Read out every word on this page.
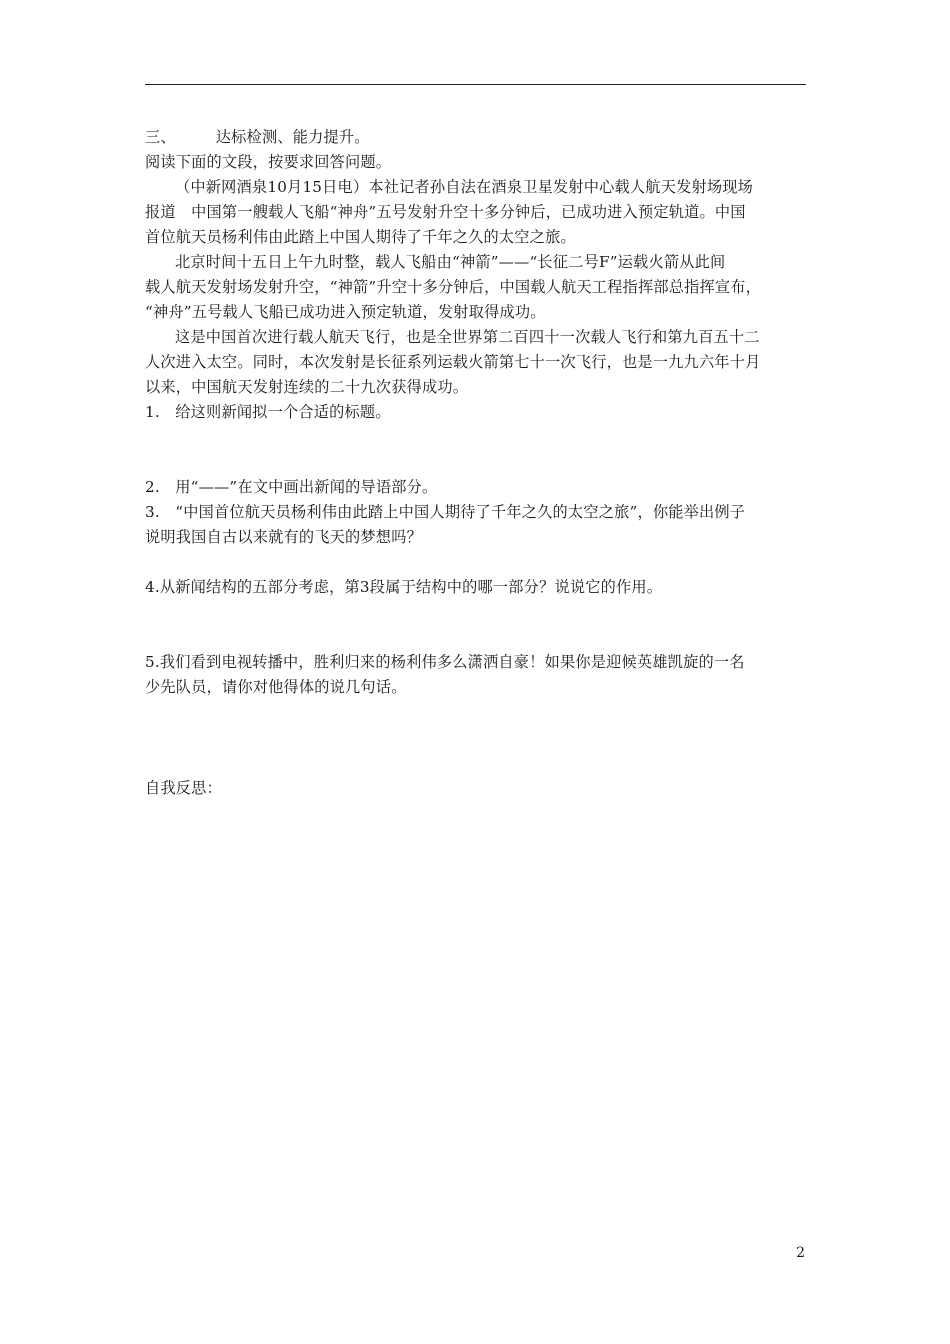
三、	达标检测、能力提升。
阅读下面的文段，按要求回答问题。
（中新网酒泉10月15日电）本社记者孙自法在酒泉卫星发射中心载人航天发射场现场
报道　中国第一艘载人飞船“神舟”五号发射升空十多分钟后，已成功进入预定轨道。中国
首位航天员杨利伟由此踏上中国人期待了千年之久的太空之旅。
北京时间十五日上午九时整，载人飞船由“神箭”——“长征二号F”运载火箭从此间
载人航天发射场发射升空，“神箭”升空十多分钟后，中国载人航天工程指挥部总指挥宣布，
“神舟”五号载人飞船已成功进入预定轨道，发射取得成功。
这是中国首次进行载人航天飞行，也是全世界第二百四十一次载人飞行和第九百五十二
人次进入太空。同时，本次发射是长征系列运载火箭第七十一次飞行，也是一九九六年十月
以来，中国航天发射连续的二十九次获得成功。
1.　给这则新闻拟一个合适的标题。
2.　用“——”在文中画出新闻的导语部分。
3.　“中国首位航天员杨利伟由此踏上中国人期待了千年之久的太空之旅”，你能举出例子
说明我国自古以来就有的飞天的梦想吗？
4.从新闻结构的五部分考虑，第3段属于结构中的哪一部分？说说它的作用。
5.我们看到电视转播中，胜利归来的杨利伟多么潇洒自豪！如果你是迎候英雄凯旋的一名
少先队员，请你对他得体的说几句话。
自我反思：
2
